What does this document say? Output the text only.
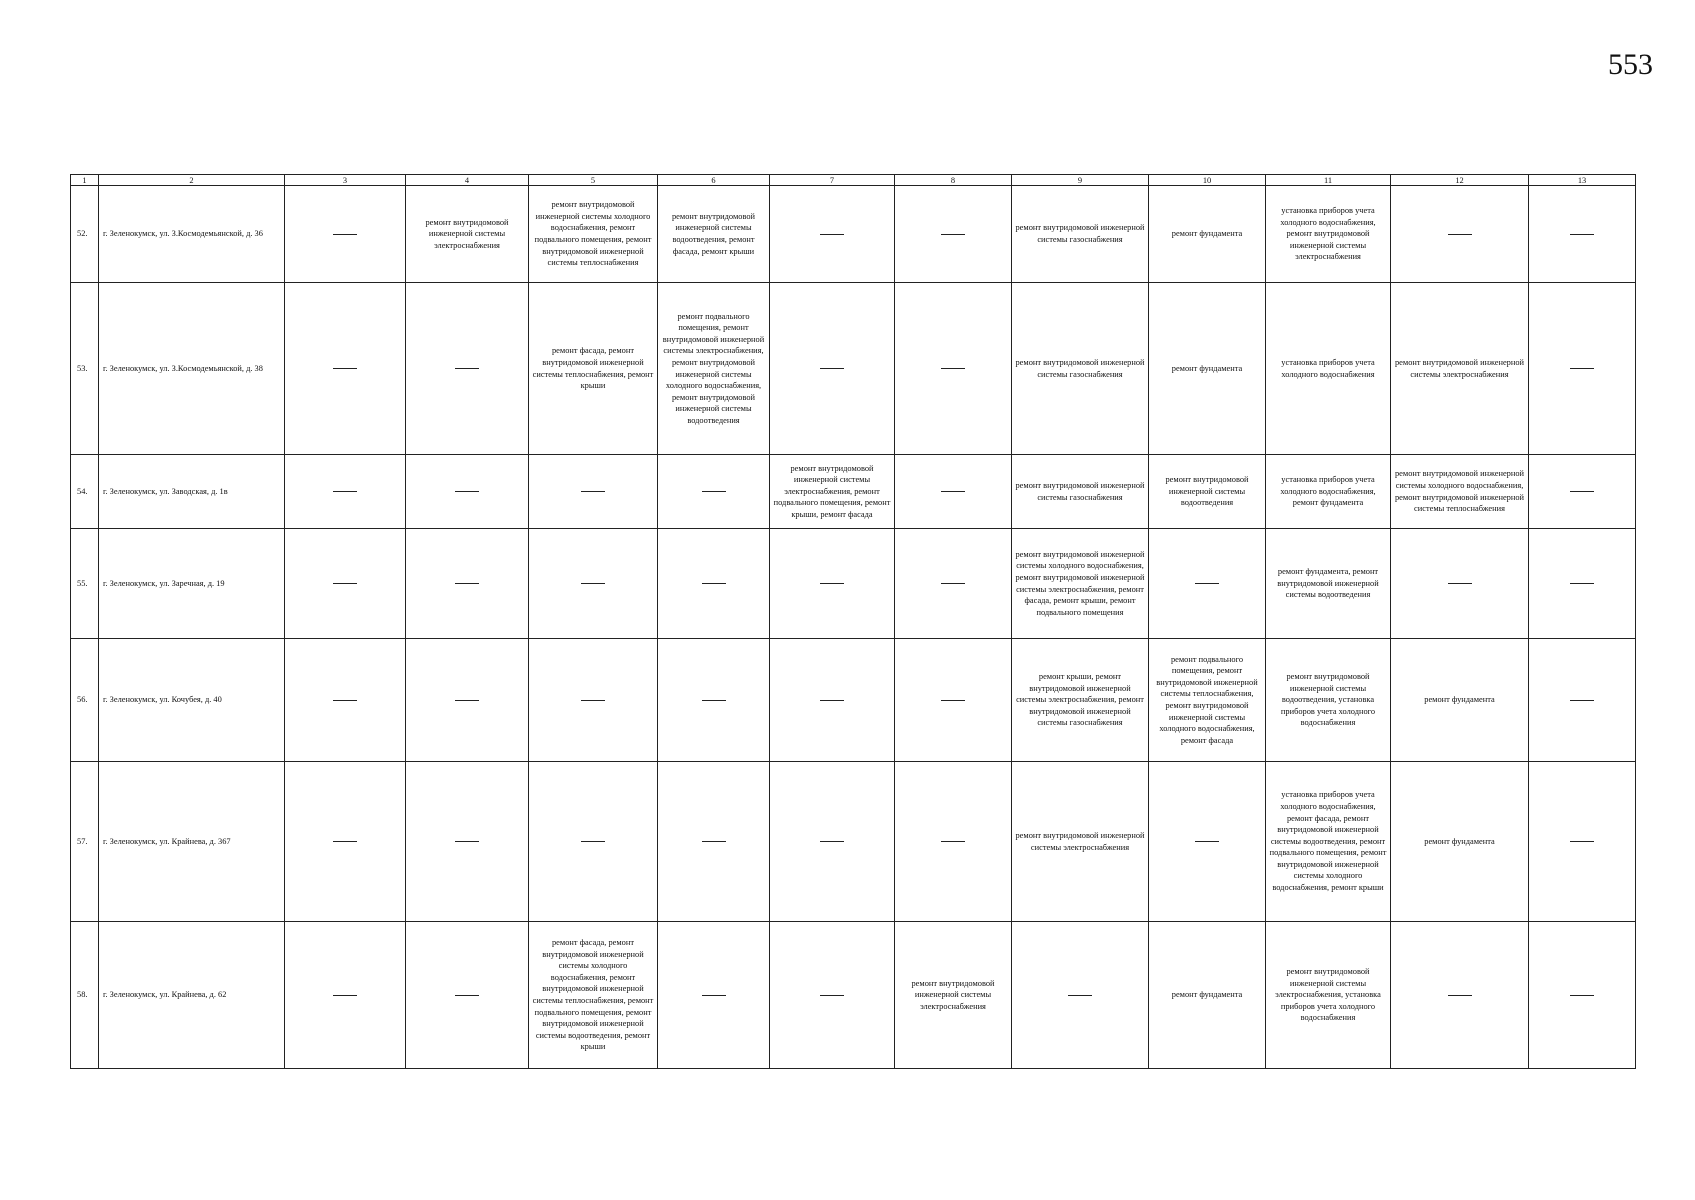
553
1	2	3	4	5	6	7	8	9	10	11	12	13
52.	г. Зеленокумск, ул. З.Космодемьянской, д. 36		ремонт внутридомовой инженерной системы электроснабжения	ремонт внутридомовой инженерной системы холодного водоснабжения, ремонт подвального помещения, ремонт внутридомовой инженерной системы теплоснабжения	ремонт внутридомовой инженерной системы водоотведения, ремонт фасада, ремонт крыши			ремонт внутридомовой инженерной системы газоснабжения	ремонт фундамента	установка приборов учета холодного водоснабжения, ремонт внутридомовой инженерной системы электроснабжения		
53.	г. Зеленокумск, ул. З.Космодемьянской, д. 38			ремонт фасада, ремонт внутридомовой инженерной системы теплоснабжения, ремонт крыши	ремонт подвального помещения, ремонт внутридомовой инженерной системы электроснабжения, ремонт внутридомовой инженерной системы холодного водоснабжения, ремонт внутридомовой инженерной системы водоотведения			ремонт внутридомовой инженерной системы газоснабжения	ремонт фундамента	установка приборов учета холодного водоснабжения	ремонт внутридомовой инженерной системы электроснабжения	
54.	г. Зеленокумск, ул. Заводская, д. 1в					ремонт внутридомовой инженерной системы электроснабжения, ремонт подвального помещения, ремонт крыши, ремонт фасада		ремонт внутридомовой инженерной системы газоснабжения	ремонт внутридомовой инженерной системы водоотведения	установка приборов учета холодного водоснабжения, ремонт фундамента	ремонт внутридомовой инженерной системы холодного водоснабжения, ремонт внутридомовой инженерной системы теплоснабжения	
55.	г. Зеленокумск, ул. Заречная, д. 19							ремонт внутридомовой инженерной системы холодного водоснабжения, ремонт внутридомовой инженерной системы электроснабжения, ремонт фасада, ремонт крыши, ремонт подвального помещения		ремонт фундамента, ремонт внутридомовой инженерной системы водоотведения		
56.	г. Зеленокумск, ул. Кочубея, д. 40							ремонт крыши, ремонт внутридомовой инженерной системы электроснабжения, ремонт внутридомовой инженерной системы газоснабжения	ремонт подвального помещения, ремонт внутридомовой инженерной системы теплоснабжения, ремонт внутридомовой инженерной системы холодного водоснабжения, ремонт фасада	ремонт внутридомовой инженерной системы водоотведения, установка приборов учета холодного водоснабжения	ремонт фундамента	
57.	г. Зеленокумск, ул. Крайнева, д. 367							ремонт внутридомовой инженерной системы электроснабжения		установка приборов учета холодного водоснабжения, ремонт фасада, ремонт внутридомовой инженерной системы водоотведения, ремонт подвального помещения, ремонт внутридомовой инженерной системы холодного водоснабжения, ремонт крыши	ремонт фундамента	
58.	г. Зеленокумск, ул. Крайнева, д. 62			ремонт фасада, ремонт внутридомовой инженерной системы холодного водоснабжения, ремонт внутридомовой инженерной системы теплоснабжения, ремонт подвального помещения, ремонт внутридомовой инженерной системы водоотведения, ремонт крыши			ремонт внутридомовой инженерной системы электроснабжения		ремонт фундамента	ремонт внутридомовой инженерной системы электроснабжения, установка приборов учета холодного водоснабжения		
